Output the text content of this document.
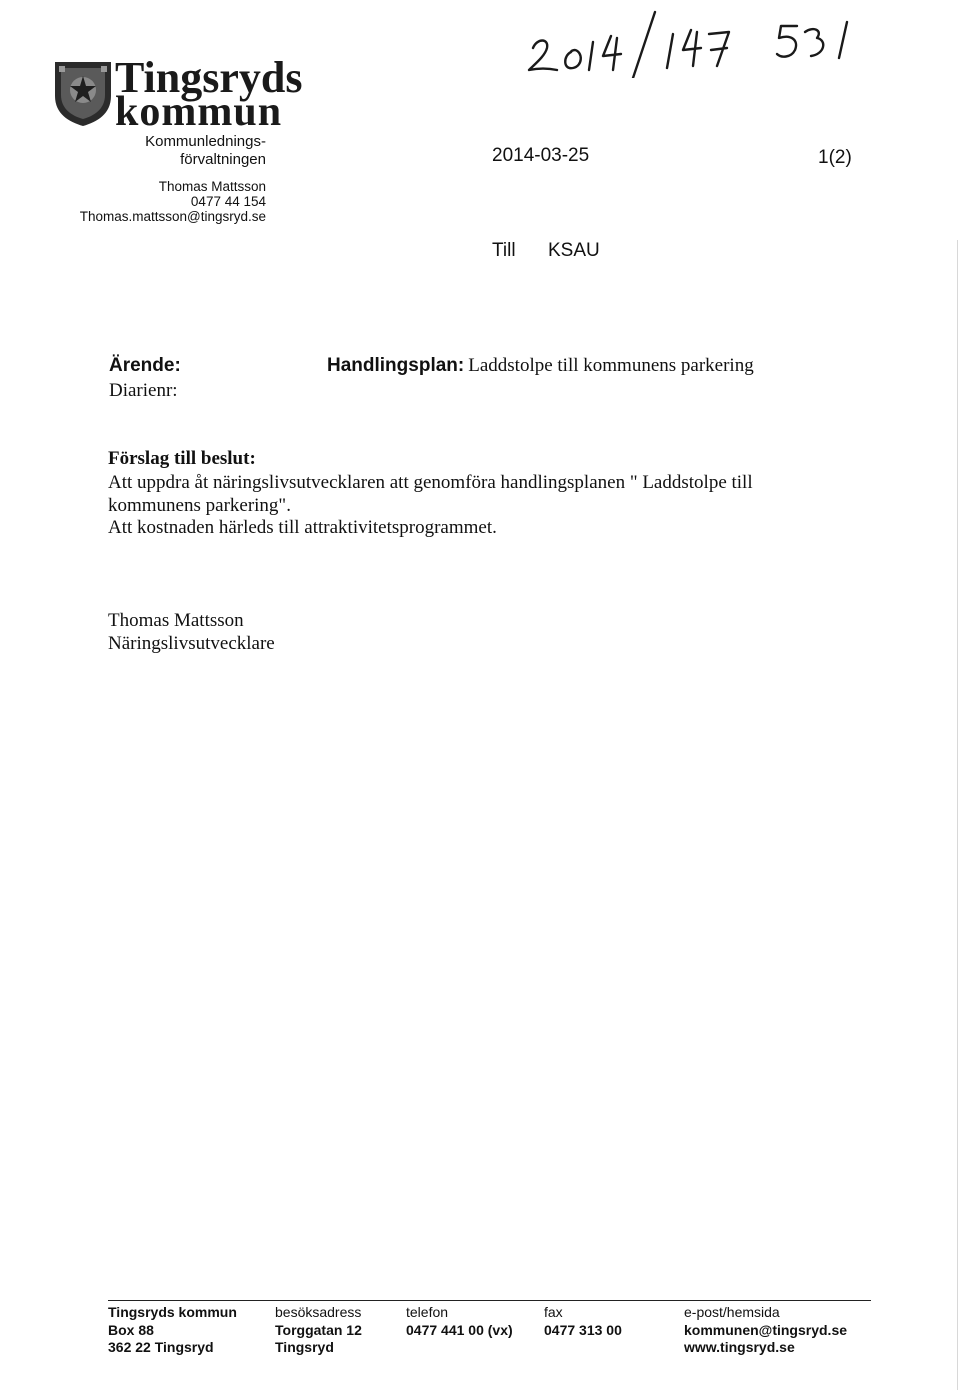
Tingsryds
kommun
Kommunlednings-
förvaltningen
Thomas Mattsson
0477 44 154
Thomas.mattsson@tingsryd.se
2014/147 531
2014-03-25	1(2)
Till KSAU
Ärende:
Diarienr:
Handlingsplan: Laddstolpe till kommunens parkering
Förslag till beslut:
Att uppdra åt näringslivsutvecklaren att genomföra handlingsplanen " Laddstolpe till
kommunens parkering".
Att kostnaden härleds till attraktivitetsprogrammet.
Thomas Mattsson
Näringslivsutvecklare
Tingsryds kommun
Box 88
362 22 Tingsryd
besöksadress
Torggatan 12
Tingsryd
telefon
0477 441 00 (vx)
fax
0477 313 00
e-post/hemsida
kommunen@tingsryd.se
www.tingsryd.se
